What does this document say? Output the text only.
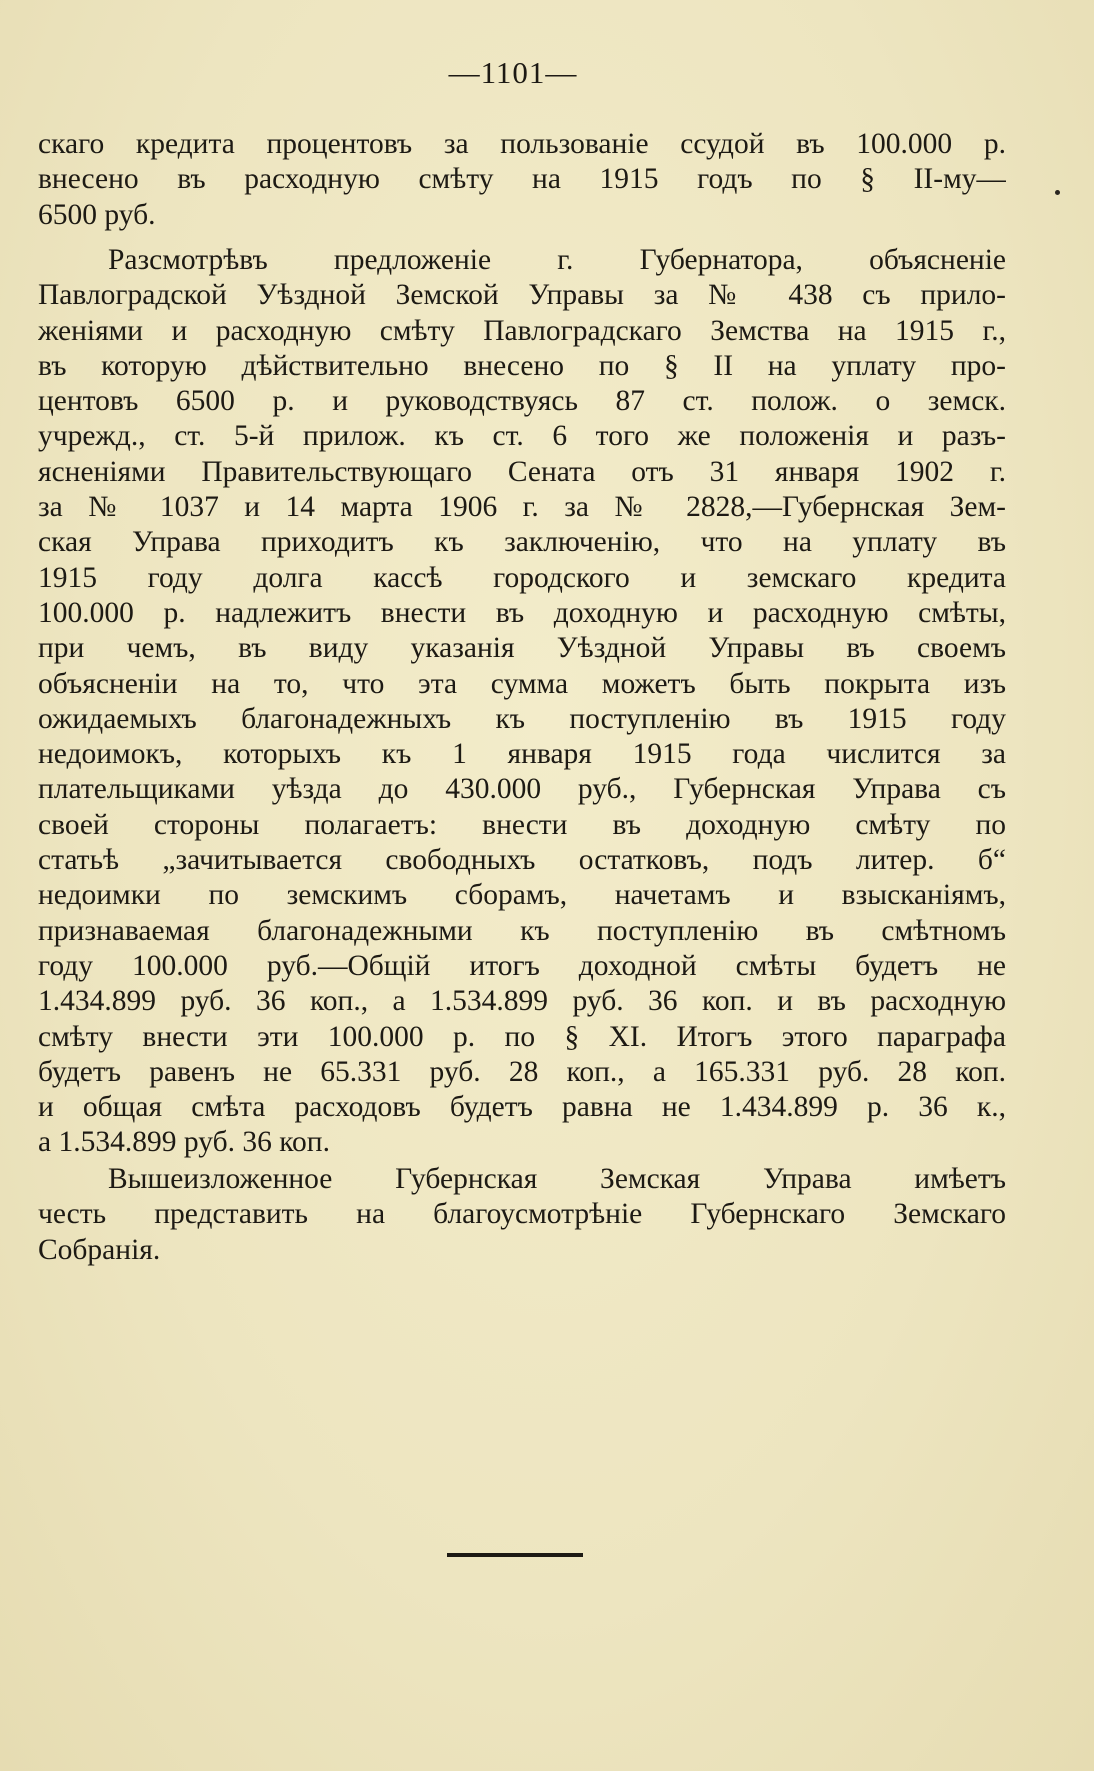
—1101—
скаго кредита процентовъ за пользованіе ссудой въ 100.000 р.
внесено въ расходную смѣту на 1915 годъ по § ІІ-му—
6500 руб.
Разсмотрѣвъ предложеніе г. Губернатора, объясненіе
Павлоградской Уѣздной Земской Управы за № 438 съ прило-
женіями и расходную смѣту Павлоградскаго Земства на 1915 г.,
въ которую дѣйствительно внесено по § ІІ на уплату про-
центовъ 6500 р. и руководствуясь 87 ст. полож. о земск.
учрежд., ст. 5-й прилож. къ ст. 6 того же положенія и разъ-
ясненіями Правительствующаго Сената отъ 31 января 1902 г.
за № 1037 и 14 марта 1906 г. за № 2828,—Губернская Зем-
ская Управа приходитъ къ заключенію, что на уплату въ
1915 году долга кассѣ городского и земскаго кредита
100.000 р. надлежитъ внести въ доходную и расходную смѣты,
при чемъ, въ виду указанія Уѣздной Управы въ своемъ
объясненіи на то, что эта сумма можетъ быть покрыта изъ
ожидаемыхъ благонадежныхъ къ поступленію въ 1915 году
недоимокъ, которыхъ къ 1 января 1915 года числится за
плательщиками уѣзда до 430.000 руб., Губернская Управа съ
своей стороны полагаетъ: внести въ доходную смѣту по
статьѣ „зачитывается свободныхъ остатковъ, подъ литер. б“
недоимки по земскимъ сборамъ, начетамъ и взысканіямъ,
признаваемая благонадежными къ поступленію въ смѣтномъ
году 100.000 руб.—Общій итогъ доходной смѣты будетъ не
1.434.899 руб. 36 коп., а 1.534.899 руб. 36 коп. и въ расходную
смѣту внести эти 100.000 р. по § ХІ. Итогъ этого параграфа
будетъ равенъ не 65.331 руб. 28 коп., а 165.331 руб. 28 коп.
и общая смѣта расходовъ будетъ равна не 1.434.899 р. 36 к.,
а 1.534.899 руб. 36 коп.
Вышеизложенное Губернская Земская Управа имѣетъ
честь представить на благоусмотрѣніе Губернскаго Земскаго
Собранія.
